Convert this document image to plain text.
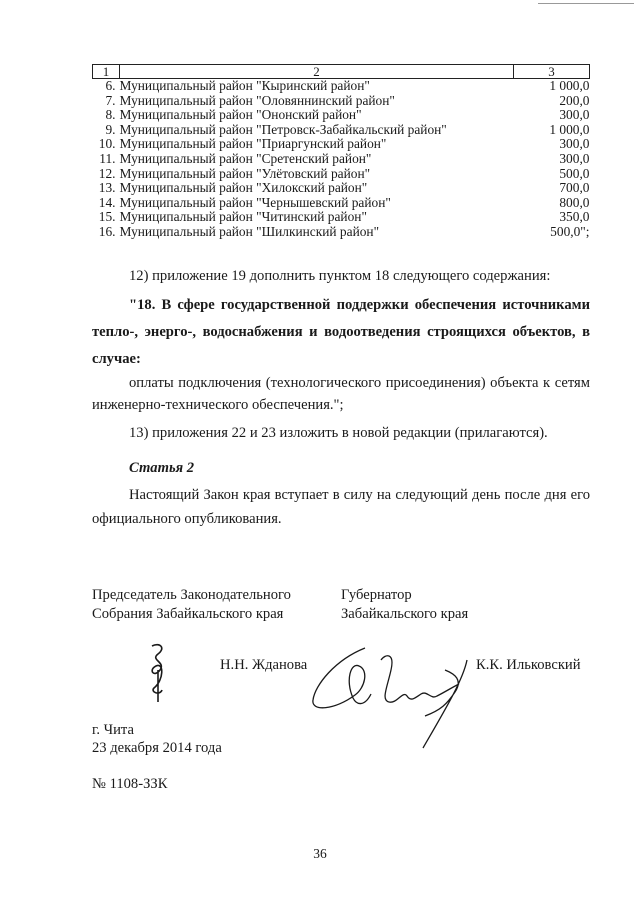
1	2	3
6.	Муниципальный район "Кыринский район"	1 000,0
7.	Муниципальный район "Оловяннинский район"	200,0
8.	Муниципальный район "Ононский район"	300,0
9.	Муниципальный район "Петровск-Забайкальский район"	1 000,0
10.	Муниципальный район "Приаргунский район"	300,0
11.	Муниципальный район "Сретенский район"	300,0
12.	Муниципальный район "Улётовский район"	500,0
13.	Муниципальный район "Хилокский район"	700,0
14.	Муниципальный район "Чернышевский район"	800,0
15.	Муниципальный район "Читинский район"	350,0
16.	Муниципальный район "Шилкинский район"	500,0";

12) приложение 19 дополнить пунктом 18 следующего содержания:

"18. В сфере государственной поддержки обеспечения источниками тепло-, энерго-, водоснабжения и водоотведения строящихся объектов, в случае:

оплаты подключения (технологического присоединения) объекта к сетям инженерно-технического обеспечения.";

13) приложения 22 и 23 изложить в новой редакции (прилагаются).

Статья 2

Настоящий Закон края вступает в силу на следующий день после дня его официального опубликования.

Председатель Законодательного
Собрания Забайкальского края
Губернатор
Забайкальского края
Н.Н. Жданова	К.К. Ильковский
г. Чита
23 декабря 2014 года
№ 1108-ЗЗК
36
